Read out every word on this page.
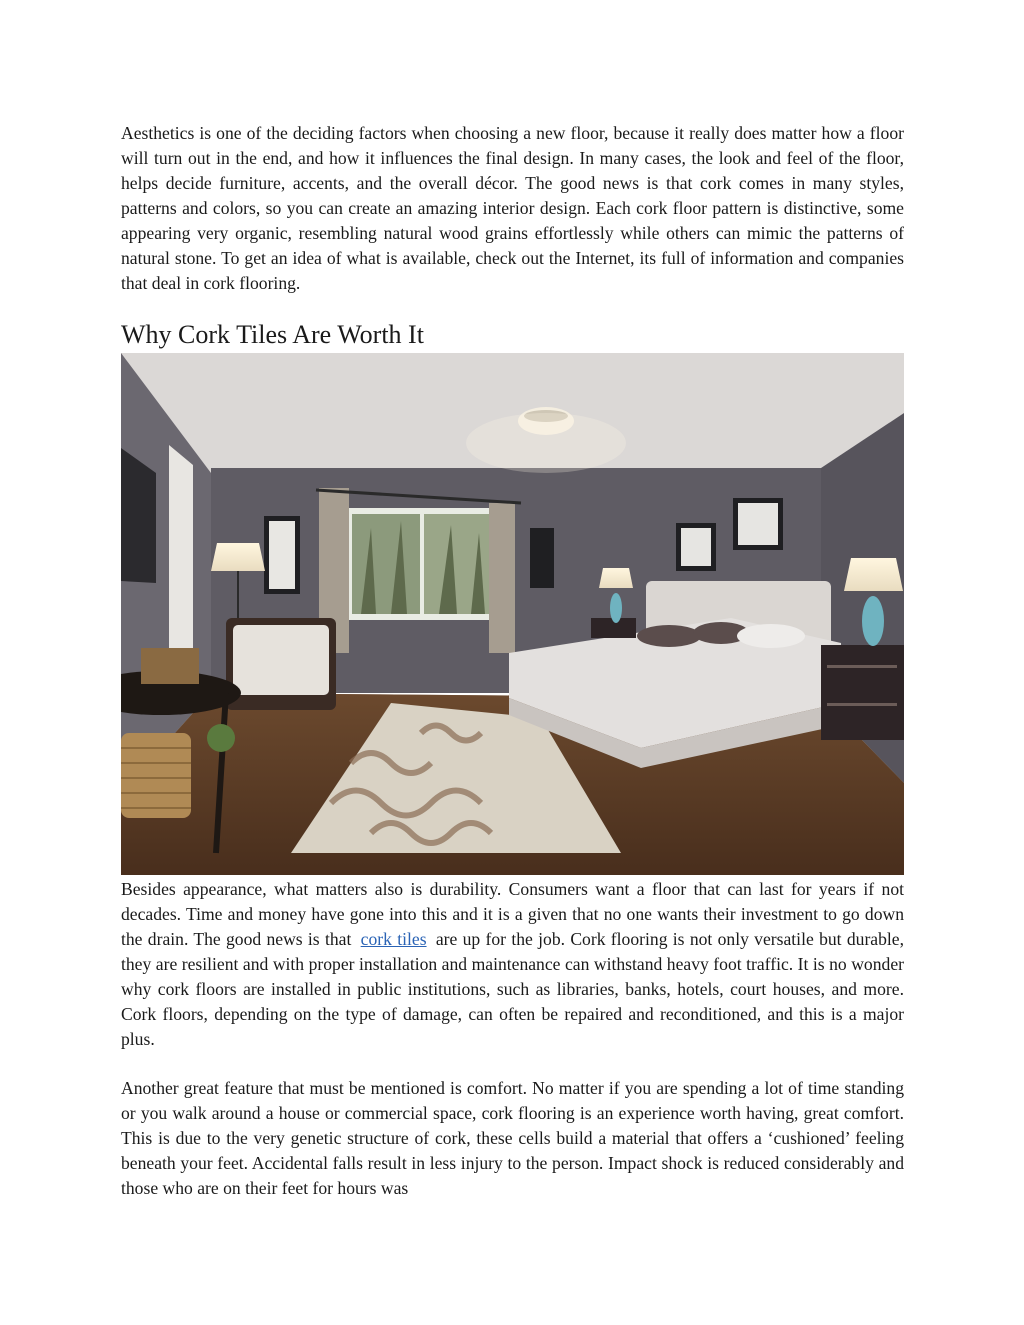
Aesthetics is one of the deciding factors when choosing a new floor, because it really does matter how a floor will turn out in the end, and how it influences the final design. In many cases, the look and feel of the floor, helps decide furniture, accents, and the overall décor. The good news is that cork comes in many styles, patterns and colors, so you can create an amazing interior design. Each cork floor pattern is distinctive, some appearing very organic, resembling natural wood grains effortlessly while others can mimic the patterns of natural stone. To get an idea of what is available, check out the Internet, its full of information and companies that deal in cork flooring.

Why Cork Tiles Are Worth It

Besides appearance, what matters also is durability. Consumers want a floor that can last for years if not decades. Time and money have gone into this and it is a given that no one wants their investment to go down the drain. The good news is that cork tiles are up for the job. Cork flooring is not only versatile but durable, they are resilient and with proper installation and maintenance can withstand heavy foot traffic. It is no wonder why cork floors are installed in public institutions, such as libraries, banks, hotels, court houses, and more. Cork floors, depending on the type of damage, can often be repaired and reconditioned, and this is a major plus.

Another great feature that must be mentioned is comfort. No matter if you are spending a lot of time standing or you walk around a house or commercial space, cork flooring is an experience worth having, great comfort. This is due to the very genetic structure of cork, these cells build a material that offers a ‘cushioned’ feeling beneath your feet. Accidental falls result in less injury to the person. Impact shock is reduced considerably and those who are on their feet for hours was
